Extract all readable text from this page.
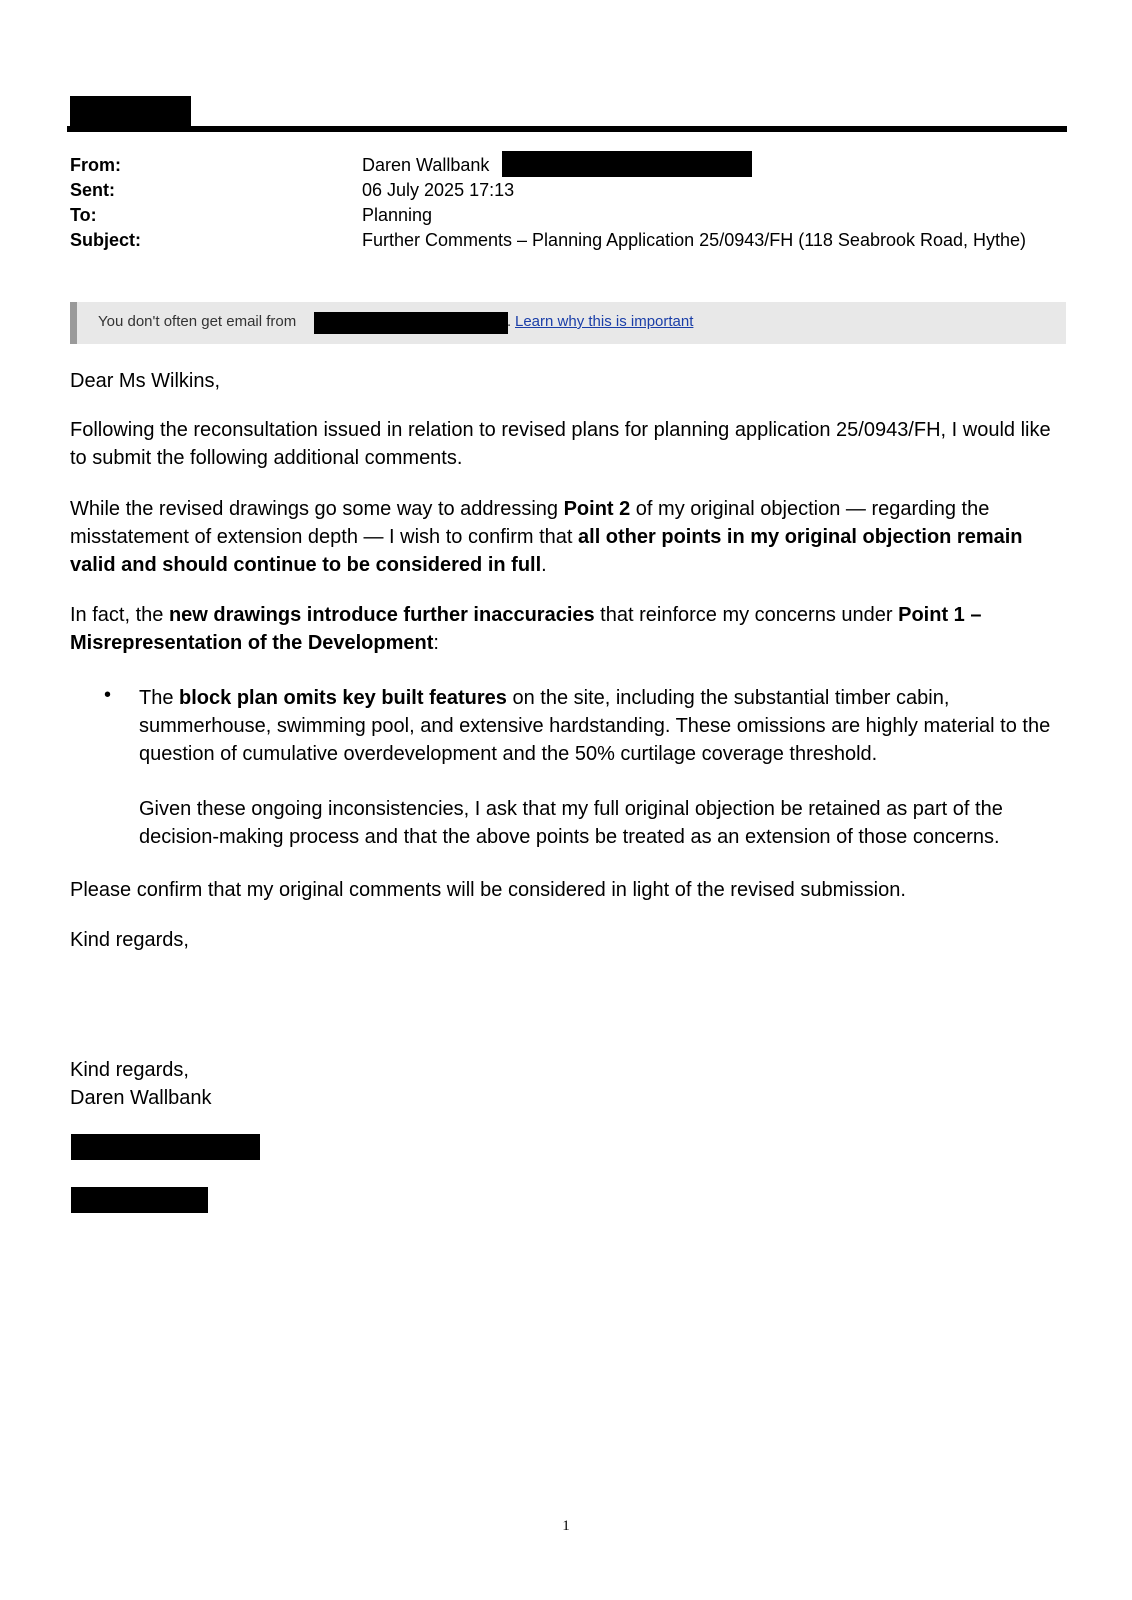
From:	Daren Wallbank
Sent:	06 July 2025 17:13
To:	Planning
Subject:	Further Comments – Planning Application 25/0943/FH (118 Seabrook Road, Hythe)
You don't often get email from	. Learn why this is important
Dear Ms Wilkins,
Following the reconsultation issued in relation to revised plans for planning application 25/0943/FH, I would like to submit the following additional comments.
While the revised drawings go some way to addressing Point 2 of my original objection — regarding the misstatement of extension depth — I wish to confirm that all other points in my original objection remain valid and should continue to be considered in full.
In fact, the new drawings introduce further inaccuracies that reinforce my concerns under Point 1 – Misrepresentation of the Development:
• The block plan omits key built features on the site, including the substantial timber cabin, summerhouse, swimming pool, and extensive hardstanding. These omissions are highly material to the question of cumulative overdevelopment and the 50% curtilage coverage threshold.
Given these ongoing inconsistencies, I ask that my full original objection be retained as part of the decision-making process and that the above points be treated as an extension of those concerns.
Please confirm that my original comments will be considered in light of the revised submission.
Kind regards,
Kind regards,
Daren Wallbank
1
